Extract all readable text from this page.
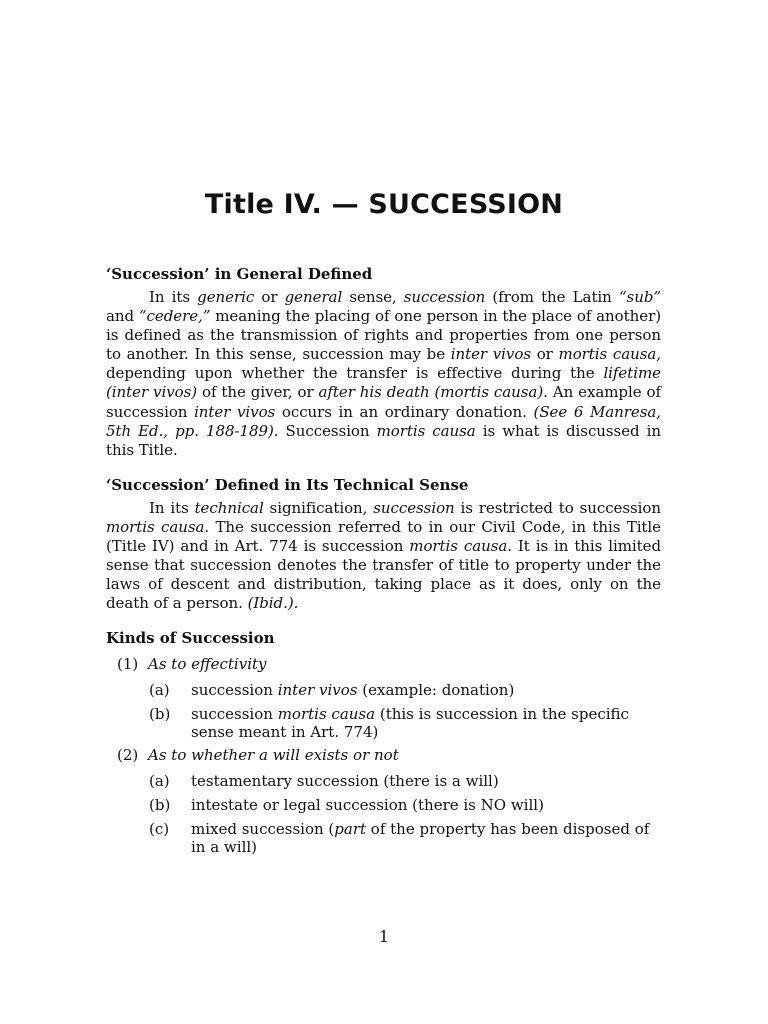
Title IV. — SUCCESSION
‘Succession’ in General Defined

In its generic or general sense, succession (from the Latin “sub” and “cedere,” meaning the placing of one person in the place of another) is defined as the transmission of rights and properties from one person to another. In this sense, succession may be inter vivos or mortis causa, depending upon whether the transfer is effective during the lifetime (inter vivos) of the giver, or after his death (mortis causa). An example of succession inter vivos occurs in an ordinary donation. (See 6 Manresa, 5th Ed., pp. 188-189). Succession mortis causa is what is discussed in this Title.

‘Succession’ Defined in Its Technical Sense

In its technical signification, succession is restricted to succession mortis causa. The succession referred to in our Civil Code, in this Title (Title IV) and in Art. 774 is succession mortis causa. It is in this limited sense that succession denotes the transfer of title to property under the laws of descent and distribution, taking place as it does, only on the death of a person. (Ibid.).

Kinds of Succession
(1) As to effectivity
(a)	succession inter vivos (example: donation)
(b)	succession mortis causa (this is succession in the specific sense meant in Art. 774)
(2) As to whether a will exists or not
(a)	testamentary succession (there is a will)
(b)	intestate or legal succession (there is NO will)
(c)	mixed succession (part of the property has been disposed of in a will)
1
